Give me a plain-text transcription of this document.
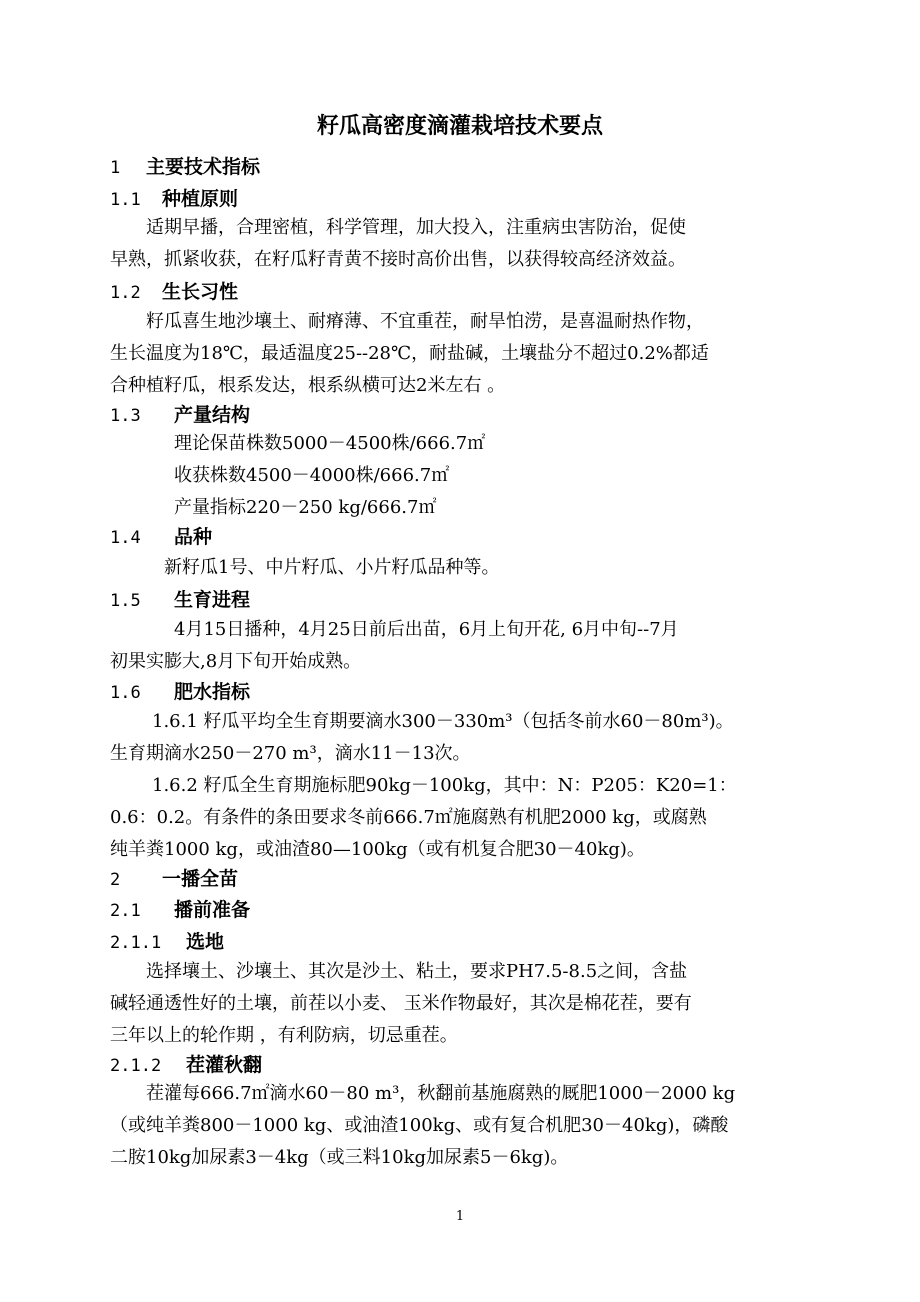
籽瓜高密度滴灌栽培技术要点
1 主要技术指标
1.1 种植原则
适期早播，合理密植，科学管理，加大投入，注重病虫害防治，促使
早熟，抓紧收获，在籽瓜籽青黄不接时高价出售，以获得较高经济效益。
1.2 生长习性
籽瓜喜生地沙壤土、耐瘠薄、不宜重茬，耐旱怕涝，是喜温耐热作物，
生长温度为18℃，最适温度25--28℃，耐盐碱，土壤盐分不超过0.2%都适
合种植籽瓜，根系发达，根系纵横可达2米左右 。
1.3 产量结构
理论保苗株数5000－4500株/666.7㎡
收获株数4500－4000株/666.7㎡
产量指标220－250 kg/666.7㎡
1.4 品种
新籽瓜1号、中片籽瓜、小片籽瓜品种等。
1.5 生育进程
4月15日播种，4月25日前后出苗，6月上旬开花, 6月中旬--7月
初果实膨大,8月下旬开始成熟。
1.6 肥水指标
1.6.1 籽瓜平均全生育期要滴水300－330m³（包括冬前水60－80m³)。
生育期滴水250－270 m³，滴水11－13次。
1.6.2 籽瓜全生育期施标肥90kg－100kg，其中：N：P205：K20=1：
0.6：0.2。有条件的条田要求冬前666.7㎡施腐熟有机肥2000 kg，或腐熟
纯羊粪1000 kg，或油渣80—100kg（或有机复合肥30－40kg)。
2 一播全苗
2.1 播前准备
2.1.1 选地
选择壤土、沙壤土、其次是沙土、粘土，要求PH7.5-8.5之间，含盐
碱轻通透性好的土壤，前茬以小麦、 玉米作物最好，其次是棉花茬，要有
三年以上的轮作期 ，有利防病，切忌重茬。
2.1.2 茬灌秋翻
茬灌每666.7㎡滴水60－80 m³，秋翻前基施腐熟的厩肥1000－2000 kg
（或纯羊粪800－1000 kg、或油渣100kg、或有复合机肥30－40kg)，磷酸
二胺10kg加尿素3－4kg（或三料10kg加尿素5－6kg)。
1
